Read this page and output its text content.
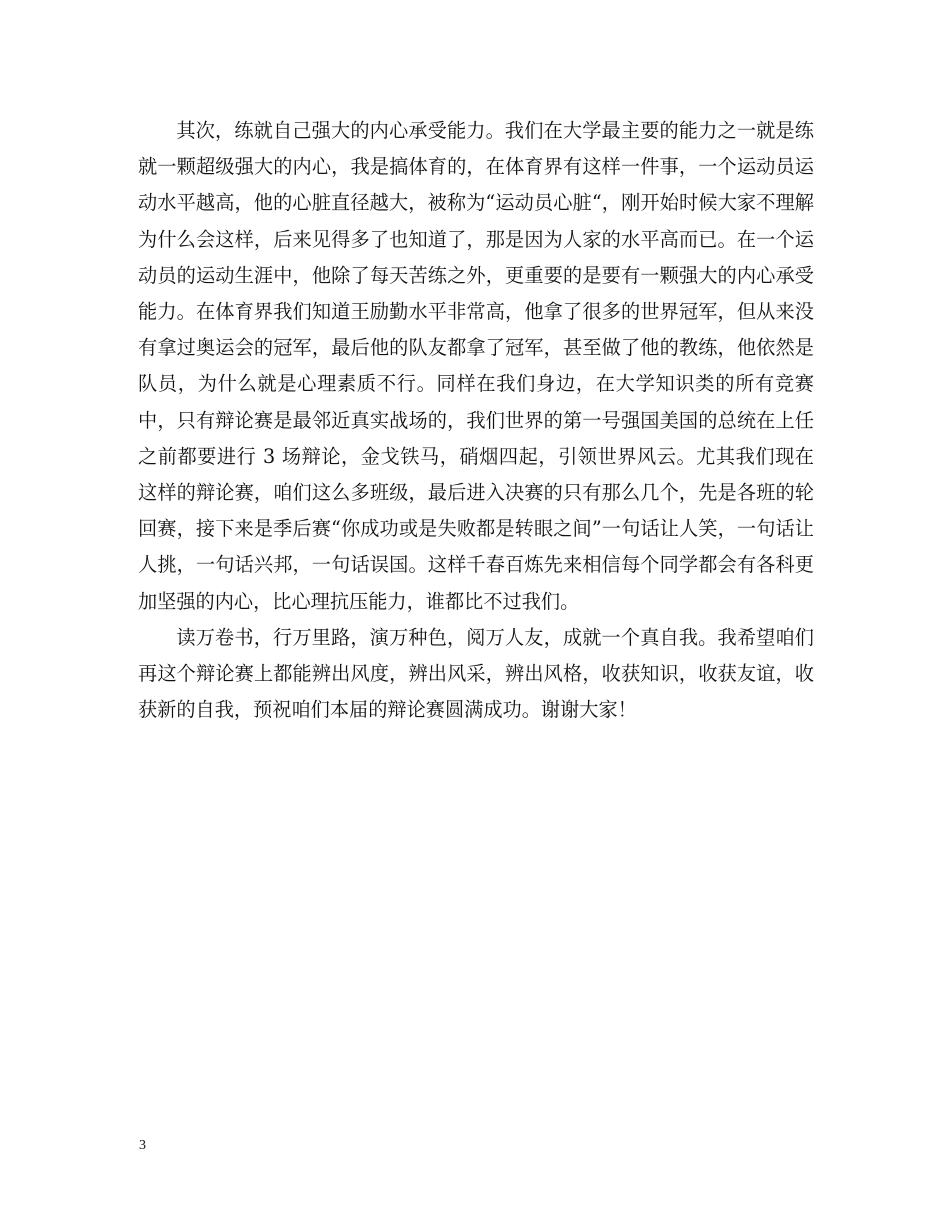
其次，练就自己强大的内心承受能力。我们在大学最主要的能力之一就是练就一颗超级强大的内心，我是搞体育的，在体育界有这样一件事，一个运动员运动水平越高，他的心脏直径越大，被称为“运动员心脏“，刚开始时候大家不理解为什么会这样，后来见得多了也知道了，那是因为人家的水平高而已。在一个运动员的运动生涯中，他除了每天苦练之外，更重要的是要有一颗强大的内心承受能力。在体育界我们知道王励勤水平非常高，他拿了很多的世界冠军，但从来没有拿过奥运会的冠军，最后他的队友都拿了冠军，甚至做了他的教练，他依然是队员，为什么就是心理素质不行。同样在我们身边，在大学知识类的所有竞赛中，只有辩论赛是最邻近真实战场的，我们世界的第一号强国美国的总统在上任之前都要进行 3 场辩论，金戈铁马，硝烟四起，引领世界风云。尤其我们现在这样的辩论赛，咱们这么多班级，最后进入决赛的只有那么几个，先是各班的轮回赛，接下来是季后赛“你成功或是失败都是转眼之间”一句话让人笑，一句话让人挑，一句话兴邦，一句话误国。这样千春百炼先来相信每个同学都会有各科更加坚强的内心，比心理抗压能力，谁都比不过我们。

读万卷书，行万里路，演万种色，阅万人友，成就一个真自我。我希望咱们再这个辩论赛上都能辨出风度，辨出风采，辨出风格，收获知识，收获友谊，收获新的自我，预祝咱们本届的辩论赛圆满成功。谢谢大家！

3
